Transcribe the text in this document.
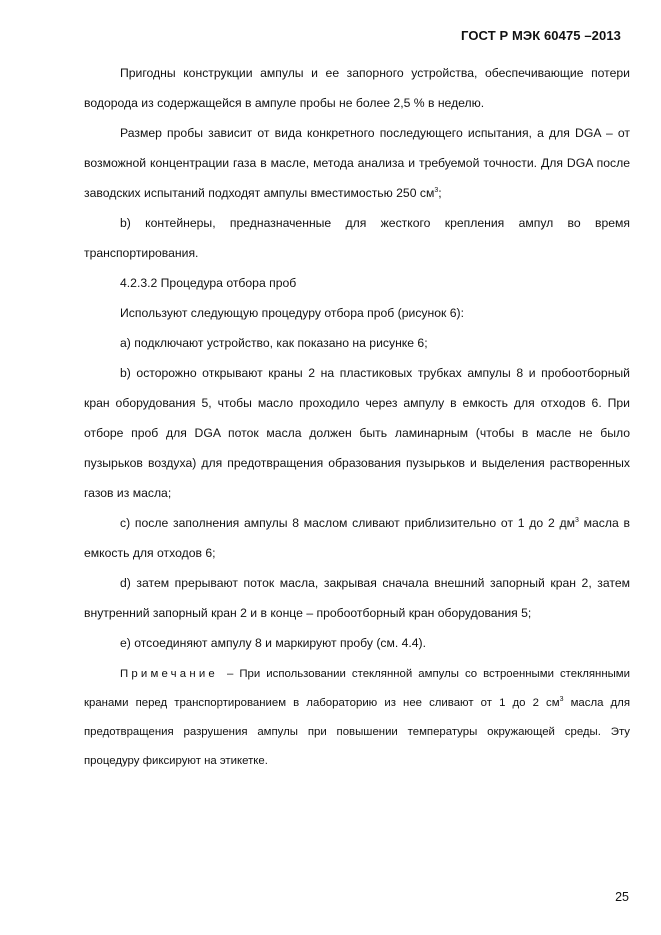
ГОСТ Р МЭК 60475 –2013

Пригодны конструкции ампулы и ее запорного устройства, обеспечивающие потери водорода из содержащейся в ампуле пробы не более 2,5 % в неделю.

Размер пробы зависит от вида конкретного последующего испытания, а для DGA – от возможной концентрации газа в масле, метода анализа и требуемой точности. Для DGA после заводских испытаний подходят ампулы вместимостью 250 $см^3$;

b) контейнеры, предназначенные для жесткого крепления ампул во время транспортирования.

4.2.3.2 Процедура отбора проб

Используют следующую процедуру отбора проб (рисунок 6):

а) подключают устройство, как показано на рисунке 6;

b) осторожно открывают краны 2 на пластиковых трубках ампулы 8 и пробоотборный кран оборудования 5, чтобы масло проходило через ампулу в емкость для отходов 6. При отборе проб для DGA поток масла должен быть ламинарным (чтобы в масле не было пузырьков воздуха) для предотвращения образования пузырьков и выделения растворенных газов из масла;

с) после заполнения ампулы 8 маслом сливают приблизительно от 1 до 2 $дм^3$ масла в емкость для отходов 6;

d) затем прерывают поток масла, закрывая сначала внешний запорный кран 2, затем внутренний запорный кран 2 и в конце – пробоотборный кран оборудования 5;

е) отсоединяют ампулу 8 и маркируют пробу (см. 4.4).

Примечание – При использовании стеклянной ампулы со встроенными стеклянными кранами перед транспортированием в лабораторию из нее сливают от 1 до 2 $см^3$ масла для предотвращения разрушения ампулы при повышении температуры окружающей среды. Эту процедуру фиксируют на этикетке.

25
